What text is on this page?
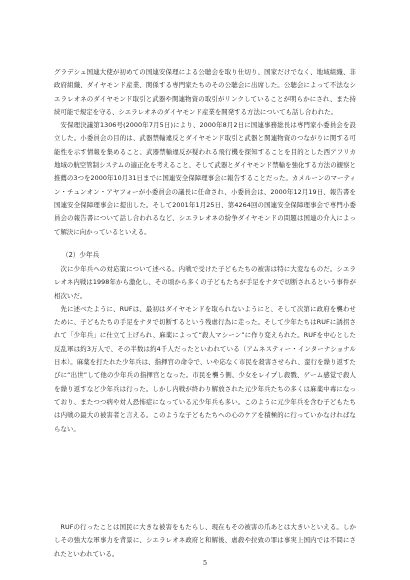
グラデシュ国連大使が初めての国連安保理による公聴会を取り仕切り、国家だけでなく、地域組織、非政府組織、ダイヤモンド産業、関係する専門家たちのその公聴会に出席した。公聴会によって不法なシエラレオネのダイヤモンド取引と武器や関連物資の取引がリンクしていることが明らかにされ、また持続可能で規定を守る、シエラレオネのダイヤモンド産業を開発する方法についても話し合われた。

安保理決議第1306号(2000年7月5日)により、2000年8月2日に国連事務総長は専門家小委員会を設立した。小委員会の目的は、武器禁輸違反とダイヤモンド取引と武器と関連物資のつながりに関する可能性を示す情報を集めること、武器禁輸違反が疑われる飛行機を探知することを目的とした西アフリカ地域の航空管制システムの適正化を考えること、そして武器とダイヤモンド禁輸を強化する方法の観察と推薦の3つを2000年10月31日までに国連安全保障理事会に報告することだった。カメルーンのマーティン・チュンオン・アヤフォーが小委員会の議長に任命され、小委員会は、2000年12月19日、報告書を国連安全保障理事会に提出した。そして2001年1月25日、第4264回の国連安全保障理事会で専門小委員会の報告書について話し合われるなど、シエラレオネの紛争ダイヤモンドの問題は国連の介入によって解決に向かっているといえる。

（2）少年兵

次に少年兵への対応策について述べる。内戦で受けた子どもたちの被害は特に大変なものだ。シエラレオネ内戦は1998年から激化し、その頃から多くの子どもたちが手足をナタで切断されるという事件が相次いだ。

先に述べたように、RUFは、最初はダイヤモンドを取られないようにと、そして次第に政府を襲わせために、子どもたちの手足をナタで切断するという残虐行為に走った。そして少年たちはRUFに誘拐されて「少年兵」に仕立て上げられ、麻薬によって“殺人マシーン”に作り変えられた。RUFを中心とした反乱軍は約3万人で、その半数は約4千人だったといわれている（アムネスティー・インターナショナル日本）。麻薬を打たれた少年兵は、指揮官の命令で、いや応なく市民を殺害させられ、蛮行を繰り返すたびに“出世”して他の少年兵の指揮官となった。市民を襲う側、少女をレイプし殺戮、ゲーム感覚で殺人を繰り返すなど少年兵は行った。しかし内戦が終わり解放された元少年兵たちの多くは麻薬中毒になっており、またつつ病や対人恐怖症になっている元少年兵も多い。このように元少年兵を含む子どもたちは内戦の最大の被害者と言える。このような子どもたちへの心のケアを積極的に行っていかなければならない。

RUFの行ったことは国民に大きな被害をもたらし、現在もその被害の爪あとは大きいといえる。しかしその強大な軍事力を背景に、シエラレオネ政府と和解後、虐殺や拉致の罪は事実上国内では不問にされたといわれている。

5
